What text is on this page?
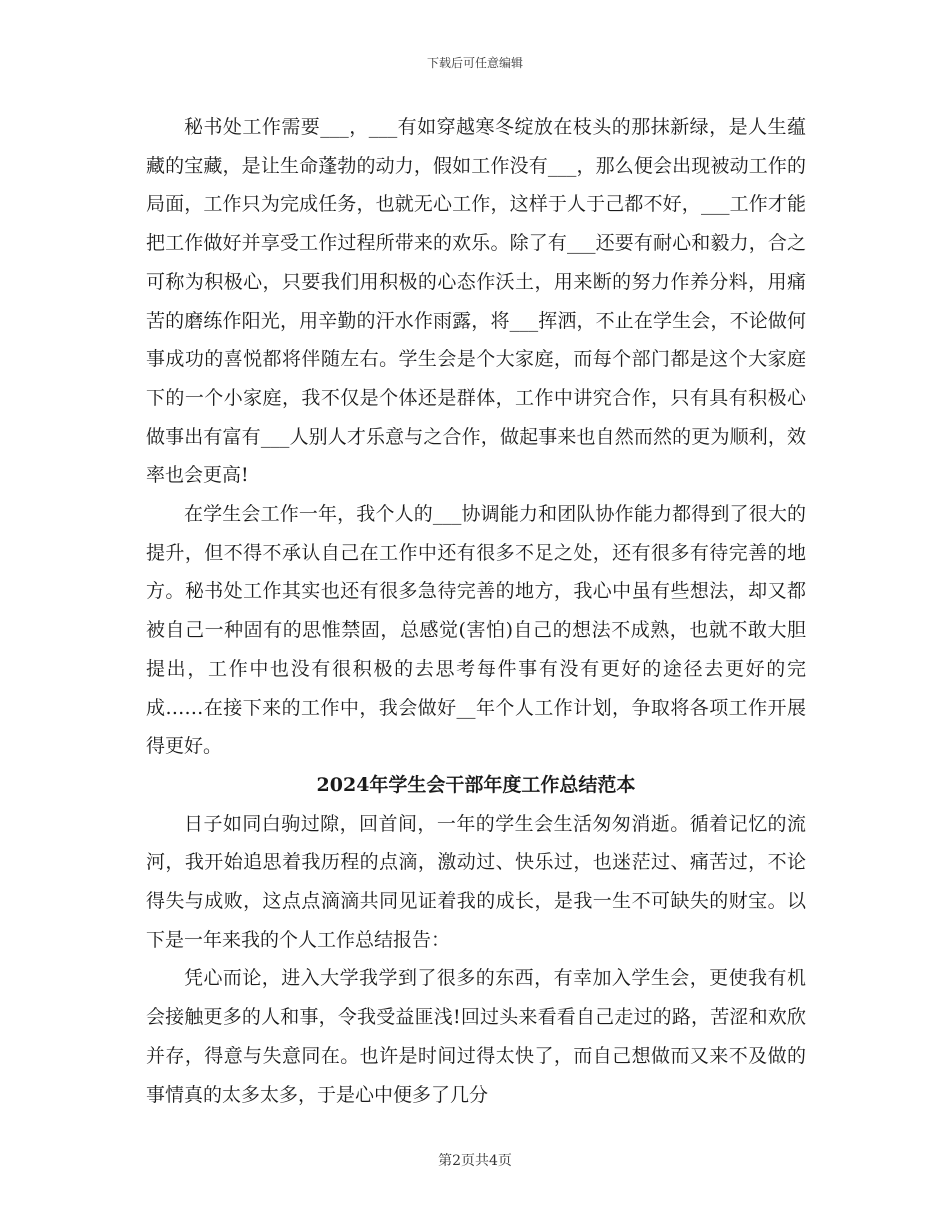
下载后可任意编辑

秘书处工作需要___，___有如穿越寒冬绽放在枝头的那抹新绿，是人生蕴藏的宝藏，是让生命蓬勃的动力，假如工作没有___，那么便会出现被动工作的局面，工作只为完成任务，也就无心工作，这样于人于己都不好，___工作才能把工作做好并享受工作过程所带来的欢乐。除了有___还要有耐心和毅力，合之可称为积极心，只要我们用积极的心态作沃土，用来断的努力作养分料，用痛苦的磨练作阳光，用辛勤的汗水作雨露，将___挥洒，不止在学生会，不论做何事成功的喜悦都将伴随左右。学生会是个大家庭，而每个部门都是这个大家庭下的一个小家庭，我不仅是个体还是群体，工作中讲究合作，只有具有积极心做事出有富有___人别人才乐意与之合作，做起事来也自然而然的更为顺利，效率也会更高!

在学生会工作一年，我个人的___协调能力和团队协作能力都得到了很大的提升，但不得不承认自己在工作中还有很多不足之处，还有很多有待完善的地方。秘书处工作其实也还有很多急待完善的地方，我心中虽有些想法，却又都被自己一种固有的思惟禁固，总感觉(害怕)自己的想法不成熟，也就不敢大胆提出，工作中也没有很积极的去思考每件事有没有更好的途径去更好的完成……在接下来的工作中，我会做好__年个人工作计划，争取将各项工作开展得更好。

2024年学生会干部年度工作总结范本

日子如同白驹过隙，回首间，一年的学生会生活匆匆消逝。循着记忆的流河，我开始追思着我历程的点滴，激动过、快乐过，也迷茫过、痛苦过，不论得失与成败，这点点滴滴共同见证着我的成长，是我一生不可缺失的财宝。以下是一年来我的个人工作总结报告：

凭心而论，进入大学我学到了很多的东西，有幸加入学生会，更使我有机会接触更多的人和事，令我受益匪浅!回过头来看看自己走过的路，苦涩和欢欣并存，得意与失意同在。也许是时间过得太快了，而自己想做而又来不及做的事情真的太多太多，于是心中便多了几分

第2页共4页
